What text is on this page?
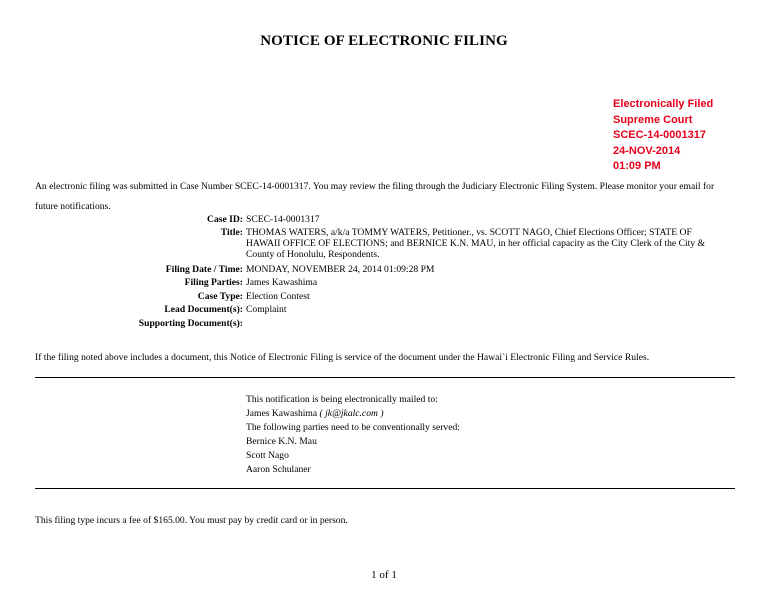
NOTICE OF ELECTRONIC FILING
Electronically Filed
Supreme Court
SCEC-14-0001317
24-NOV-2014
01:09 PM
An electronic filing was submitted in Case Number SCEC-14-0001317. You may review the filing through the Judiciary Electronic Filing System. Please monitor your email for future notifications.
Case ID: SCEC-14-0001317
Title: THOMAS WATERS, a/k/a TOMMY WATERS, Petitioner., vs. SCOTT NAGO, Chief Elections Officer; STATE OF HAWAII OFFICE OF ELECTIONS; and BERNICE K.N. MAU, in her official capacity as the City Clerk of the City & County of Honolulu, Respondents.
Filing Date / Time: MONDAY, NOVEMBER 24, 2014 01:09:28 PM
Filing Parties: James Kawashima
Case Type: Election Contest
Lead Document(s): Complaint
Supporting Document(s):
If the filing noted above includes a document, this Notice of Electronic Filing is service of the document under the Hawai`i Electronic Filing and Service Rules.
This notification is being electronically mailed to:
James Kawashima ( jk@jkalc.com )
The following parties need to be conventionally served:
Bernice K.N. Mau
Scott Nago
Aaron Schulaner
This filing type incurs a fee of $165.00. You must pay by credit card or in person.
1 of 1
